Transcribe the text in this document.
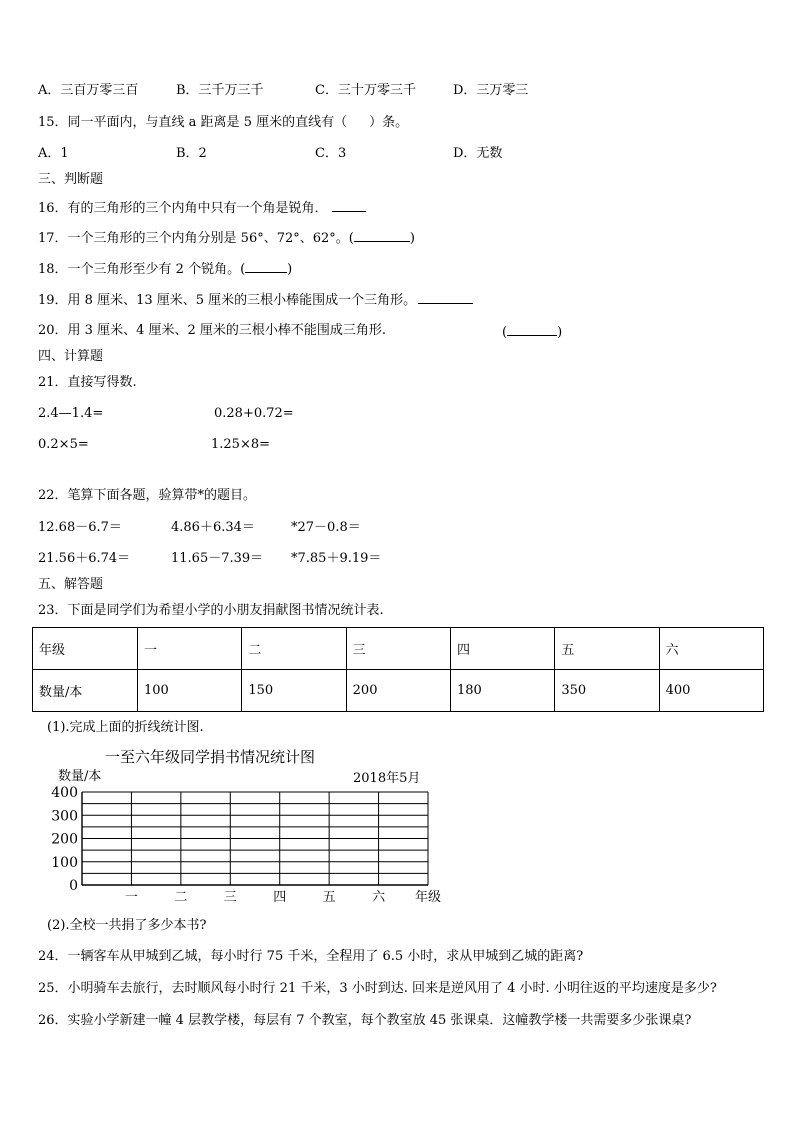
A．三百万零三百	B．三千万三千	C．三十万零三千	D．三万零三
15．同一平面内，与直线 a 距离是 5 厘米的直线有（ ）条。
A．1	B．2	C．3	D．无数
三、判断题
16．有的三角形的三个内角中只有一个角是锐角．
17．一个三角形的三个内角分别是 56°、72°、62°。(	)
18．一个三角形至少有 2 个锐角。(	)
19．用 8 厘米、13 厘米、5 厘米的三根小棒能围成一个三角形。
20．用 3 厘米、4 厘米、2 厘米的三根小棒不能围成三角形.	(	)
四、计算题
21．直接写得数.
2.4—1.4=	0.28+0.72=
0.2×5=	1.25×8=
22．笔算下面各题，验算带*的题目。
12.68－6.7＝	4.86＋6.34＝	*27－0.8＝
21.56＋6.74＝	11.65－7.39＝ *7.85＋9.19＝
五、解答题
23．下面是同学们为希望小学的小朋友捐献图书情况统计表.
年级	一	二	三	四	五	六
数量/本	100	150	200	180	350	400
(1).完成上面的折线统计图.
一至六年级同学捐书情况统计图
数量/本	2018年5月
400
300
200
100
0
一	二	三	四	五	六 年级
(2).全校一共捐了多少本书?
24．一辆客车从甲城到乙城，每小时行 75 千米，全程用了 6.5 小时，求从甲城到乙城的距离?
25．小明骑车去旅行，去时顺风每小时行 21 千米，3 小时到达. 回来是逆风用了 4 小时. 小明往返的平均速度是多少?
26．实验小学新建一幢 4 层教学楼，每层有 7 个教室，每个教室放 45 张课桌．这幢教学楼一共需要多少张课桌?
